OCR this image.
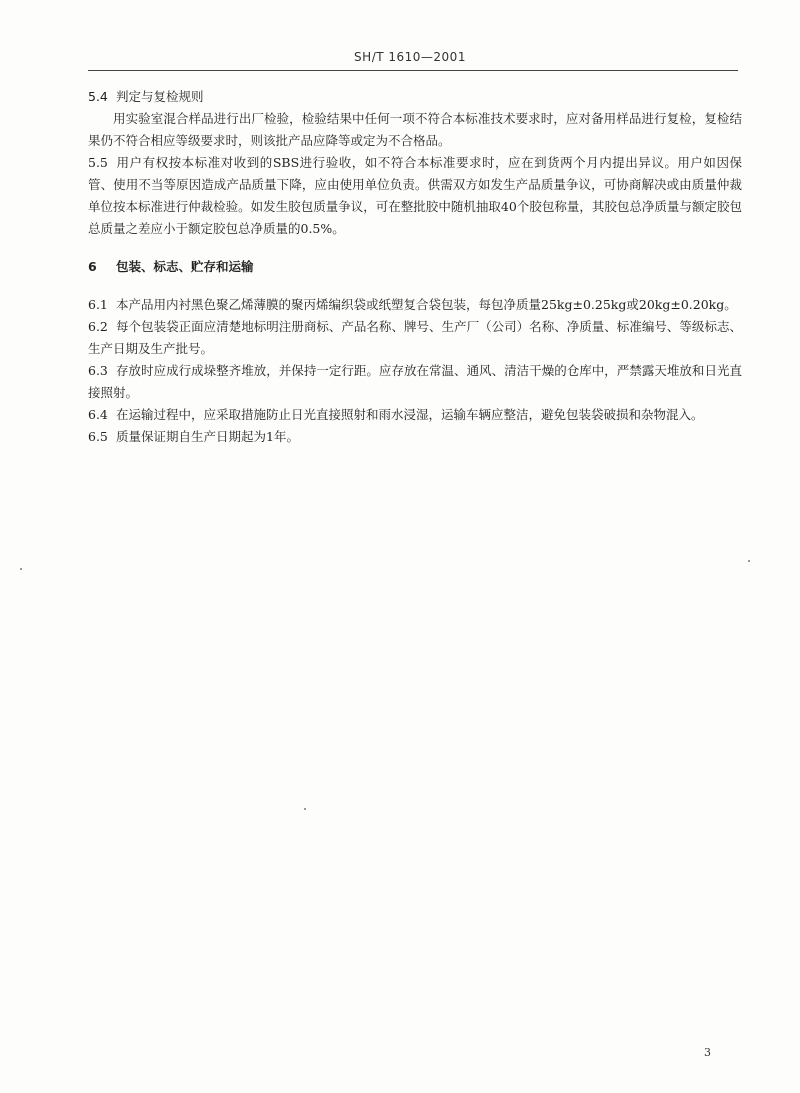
SH/T 1610—2001

5.4 判定与复检规则

用实验室混合样品进行出厂检验，检验结果中任何一项不符合本标准技术要求时，应对备用样品进行复检，复检结果仍不符合相应等级要求时，则该批产品应降等或定为不合格品。

5.5 用户有权按本标准对收到的SBS进行验收，如不符合本标准要求时，应在到货两个月内提出异议。用户如因保管、使用不当等原因造成产品质量下降，应由使用单位负责。供需双方如发生产品质量争议，可协商解决或由质量仲裁单位按本标准进行仲裁检验。如发生胶包质量争议，可在整批胶中随机抽取40个胶包称量，其胶包总净质量与额定胶包总质量之差应小于额定胶包总净质量的0.5%。

6 包装、标志、贮存和运输

6.1 本产品用内衬黑色聚乙烯薄膜的聚丙烯编织袋或纸塑复合袋包装，每包净质量25kg±0.25kg或20kg±0.20kg。

6.2 每个包装袋正面应清楚地标明注册商标、产品名称、牌号、生产厂（公司）名称、净质量、标准编号、等级标志、生产日期及生产批号。

6.3 存放时应成行成垛整齐堆放，并保持一定行距。应存放在常温、通风、清洁干燥的仓库中，严禁露天堆放和日光直接照射。

6.4 在运输过程中，应采取措施防止日光直接照射和雨水浸湿，运输车辆应整洁，避免包装袋破损和杂物混入。

6.5 质量保证期自生产日期起为1年。

3
